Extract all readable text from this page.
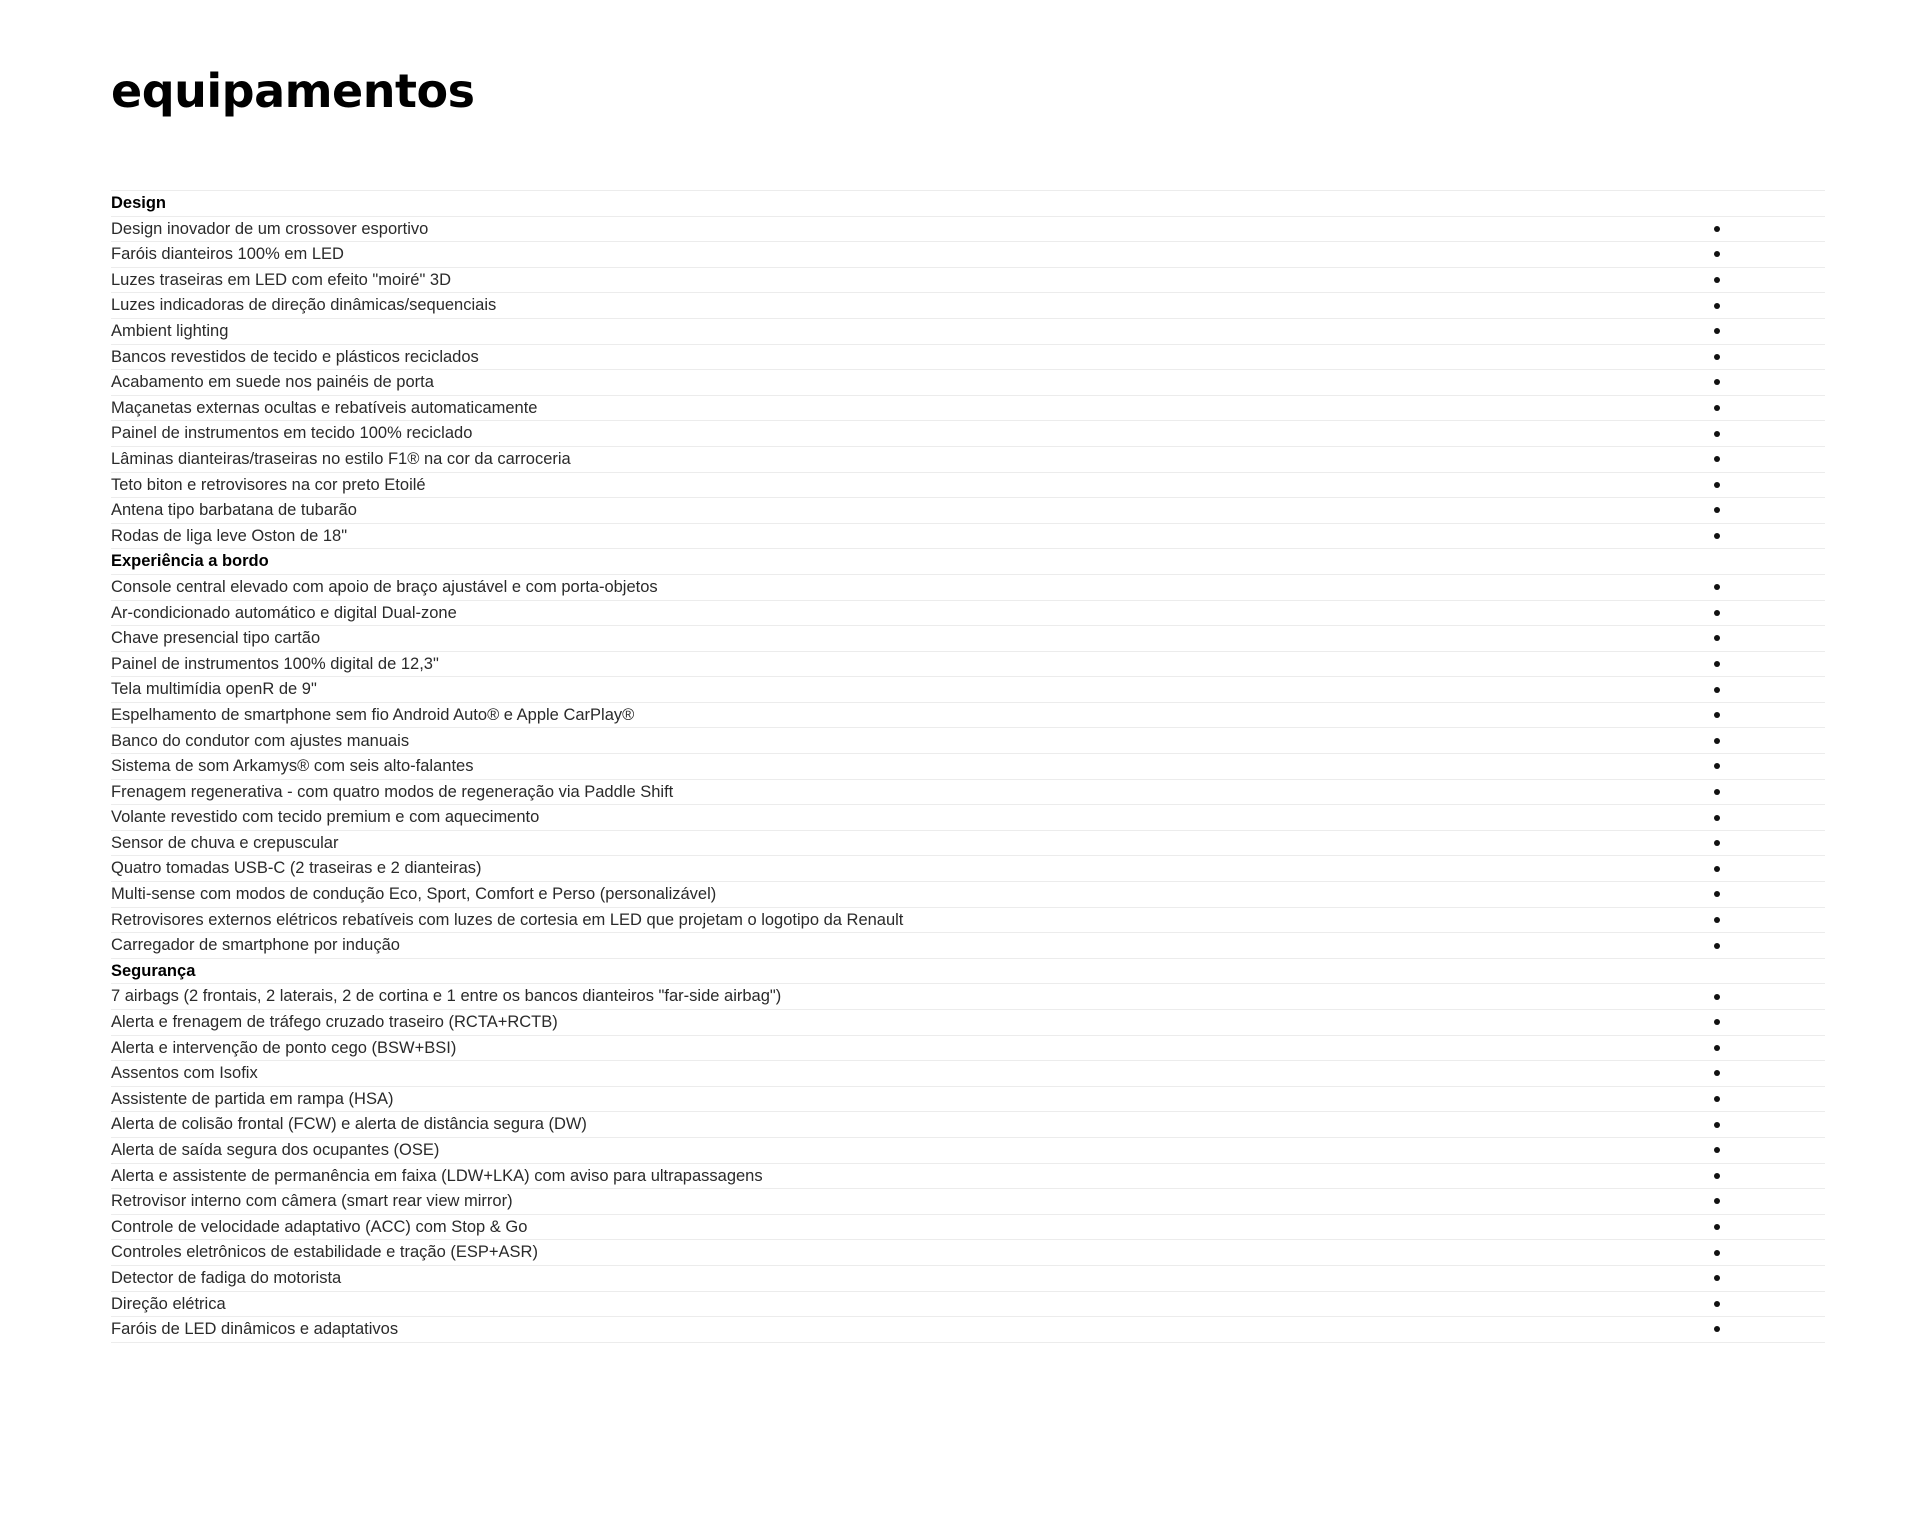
equipamentos
Design
Design inovador de um crossover esportivo
Faróis dianteiros 100% em LED
Luzes traseiras em LED com efeito "moiré" 3D
Luzes indicadoras de direção dinâmicas/sequenciais
Ambient lighting
Bancos revestidos de tecido e plásticos reciclados
Acabamento em suede nos painéis de porta
Maçanetas externas ocultas e rebatíveis automaticamente
Painel de instrumentos em tecido 100% reciclado
Lâminas dianteiras/traseiras no estilo F1® na cor da carroceria
Teto biton e retrovisores na cor preto Etoilé
Antena tipo barbatana de tubarão
Rodas de liga leve Oston de 18"
Experiência a bordo
Console central elevado com apoio de braço ajustável e com porta-objetos
Ar-condicionado automático e digital Dual-zone
Chave presencial tipo cartão
Painel de instrumentos 100% digital de 12,3"
Tela multimídia openR de 9"
Espelhamento de smartphone sem fio Android Auto® e Apple CarPlay®
Banco do condutor com ajustes manuais
Sistema de som Arkamys® com seis alto-falantes
Frenagem regenerativa - com quatro modos de regeneração via Paddle Shift
Volante revestido com tecido premium e com aquecimento
Sensor de chuva e crepuscular
Quatro tomadas USB-C (2 traseiras e 2 dianteiras)
Multi-sense com modos de condução Eco, Sport, Comfort e Perso (personalizável)
Retrovisores externos elétricos rebatíveis com luzes de cortesia em LED que projetam o logotipo da Renault
Carregador de smartphone por indução
Segurança
7 airbags (2 frontais, 2 laterais, 2 de cortina e 1 entre os bancos dianteiros "far-side airbag")
Alerta e frenagem de tráfego cruzado traseiro (RCTA+RCTB)
Alerta e intervenção de ponto cego (BSW+BSI)
Assentos com Isofix
Assistente de partida em rampa (HSA)
Alerta de colisão frontal (FCW) e alerta de distância segura (DW)
Alerta de saída segura dos ocupantes (OSE)
Alerta e assistente de permanência em faixa (LDW+LKA) com aviso para ultrapassagens
Retrovisor interno com câmera (smart rear view mirror)
Controle de velocidade adaptativo (ACC) com Stop & Go
Controles eletrônicos de estabilidade e tração (ESP+ASR)
Detector de fadiga do motorista
Direção elétrica
Faróis de LED dinâmicos e adaptativos
